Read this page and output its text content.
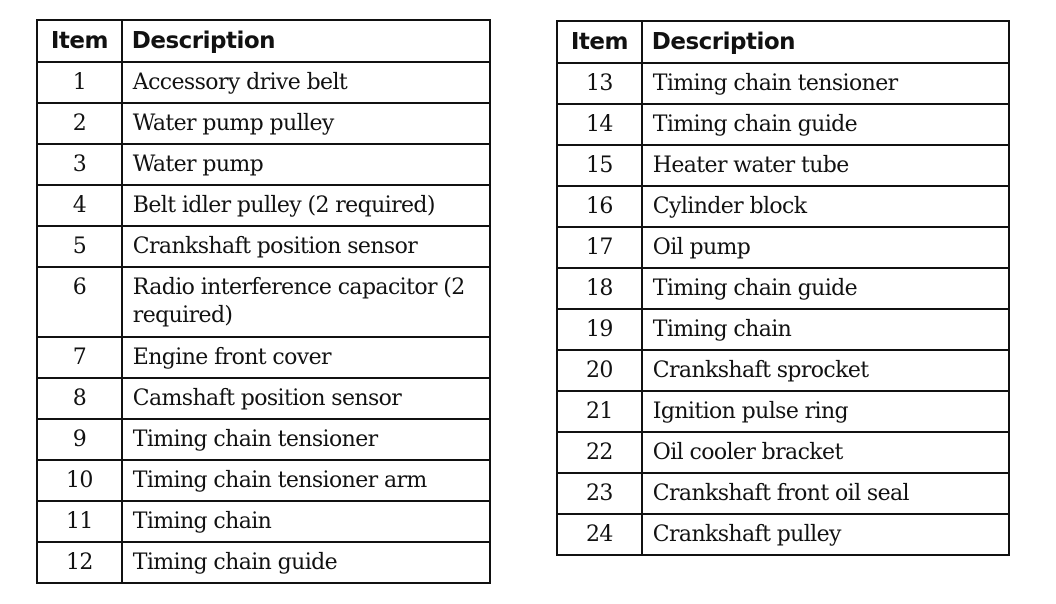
Item	Description
1	Accessory drive belt
2	Water pump pulley
3	Water pump
4	Belt idler pulley (2 required)
5	Crankshaft position sensor
6	Radio interference capacitor (2 required)
7	Engine front cover
8	Camshaft position sensor
9	Timing chain tensioner
10	Timing chain tensioner arm
11	Timing chain
12	Timing chain guide
Item	Description
13	Timing chain tensioner
14	Timing chain guide
15	Heater water tube
16	Cylinder block
17	Oil pump
18	Timing chain guide
19	Timing chain
20	Crankshaft sprocket
21	Ignition pulse ring
22	Oil cooler bracket
23	Crankshaft front oil seal
24	Crankshaft pulley
